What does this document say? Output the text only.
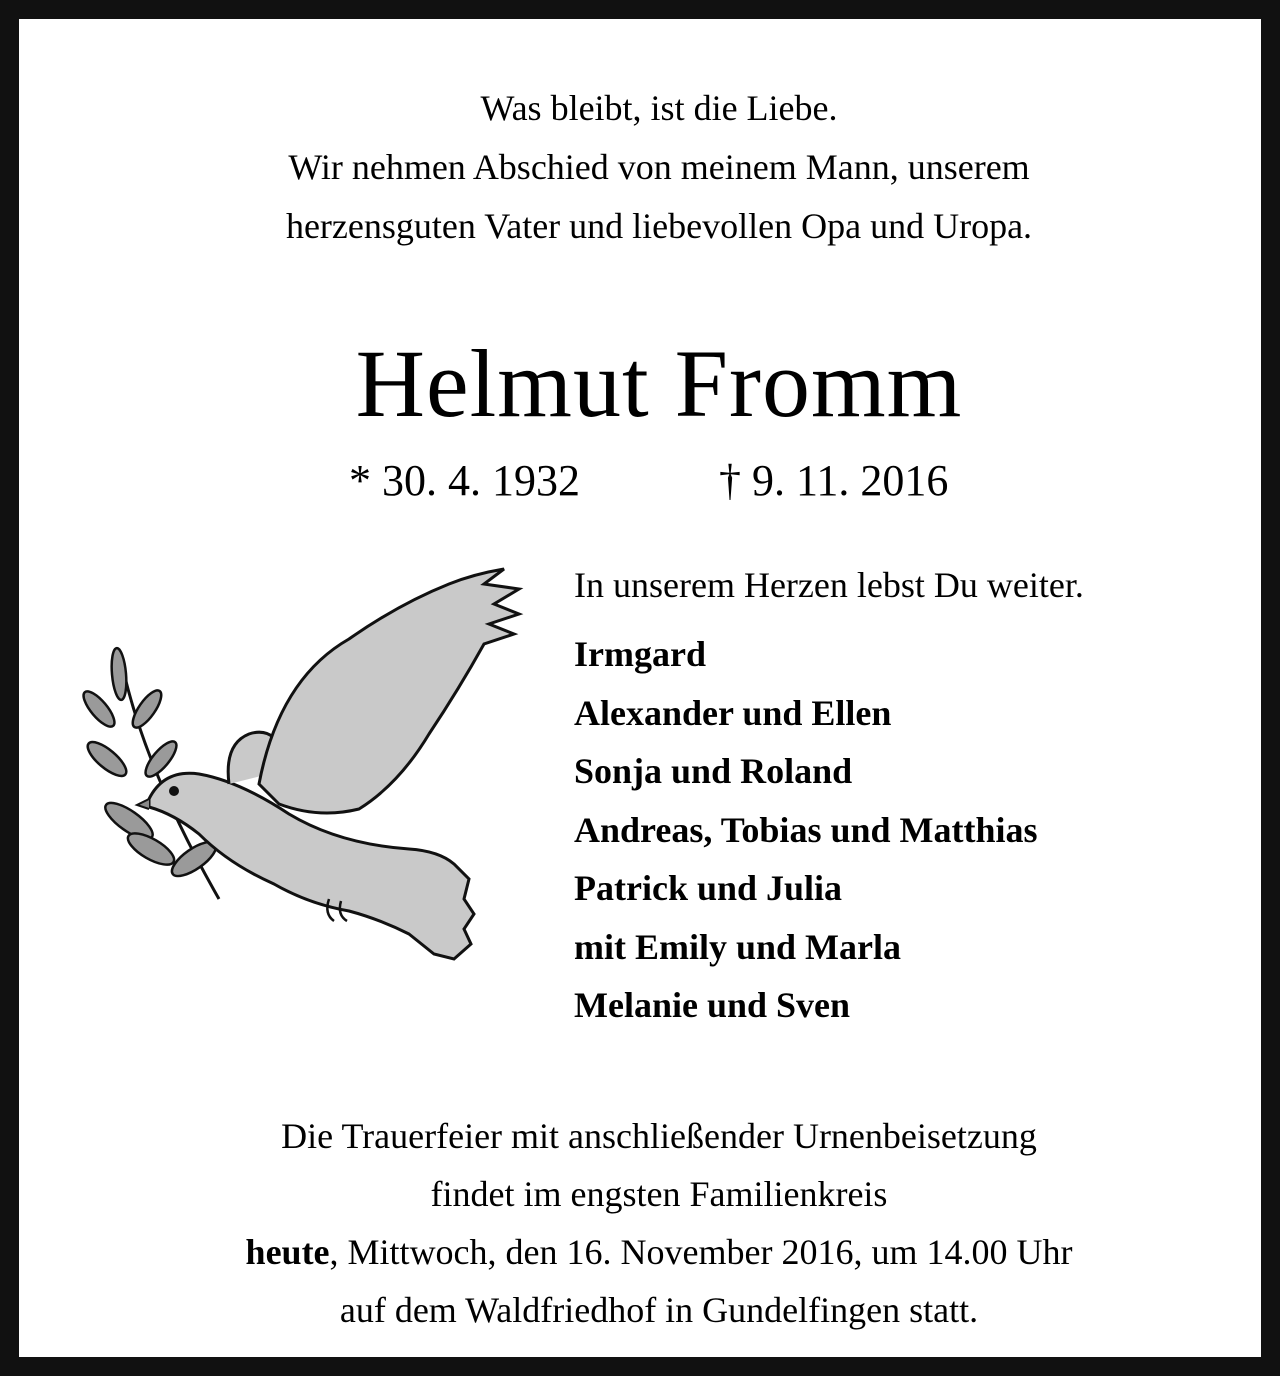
Was bleibt, ist die Liebe.
Wir nehmen Abschied von meinem Mann, unserem
herzensguten Vater und liebevollen Opa und Uropa.
Helmut Fromm
* 30. 4. 1932	† 9. 11. 2016
In unserem Herzen lebst Du weiter.
Irmgard
Alexander und Ellen
Sonja und Roland
Andreas, Tobias und Matthias
Patrick und Julia
mit Emily und Marla
Melanie und Sven
Die Trauerfeier mit anschließender Urnenbeisetzung
findet im engsten Familienkreis
heute, Mittwoch, den 16. November 2016, um 14.00 Uhr
auf dem Waldfriedhof in Gundelfingen statt.
